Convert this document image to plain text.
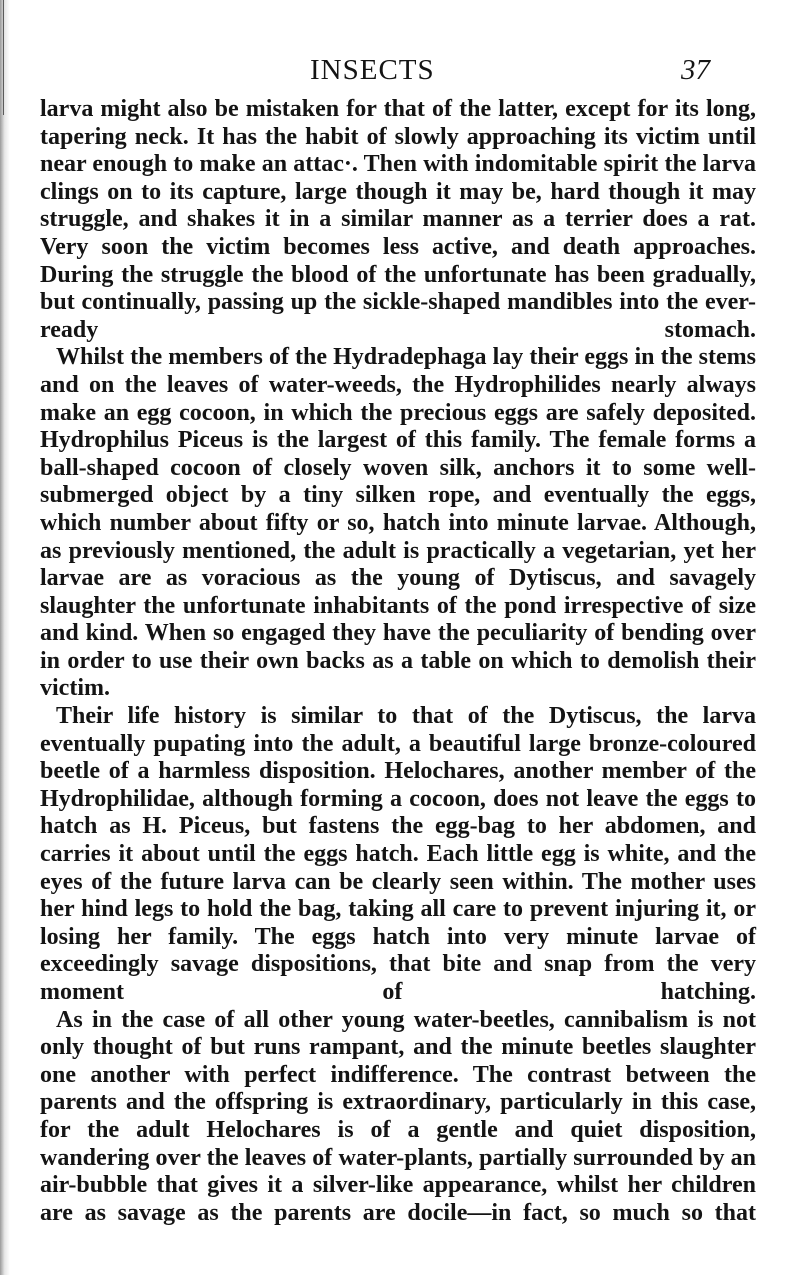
INSECTS	37

larva might also be mistaken for that of the latter, except for its long, tapering neck. It has the habit of slowly approaching its victim until near enough to make an attac·. Then with indomitable spirit the larva clings on to its capture, large though it may be, hard though it may struggle, and shakes it in a similar manner as a terrier does a rat. Very soon the victim becomes less active, and death approaches. During the struggle the blood of the unfortunate has been gradually, but continually, passing up the sickle-shaped mandibles into the ever-ready stomach.

Whilst the members of the Hydradephaga lay their eggs in the stems and on the leaves of water-weeds, the Hydrophilides nearly always make an egg cocoon, in which the precious eggs are safely deposited. Hydrophilus Piceus is the largest of this family. The female forms a ball-shaped cocoon of closely woven silk, anchors it to some well-submerged object by a tiny silken rope, and eventually the eggs, which number about fifty or so, hatch into minute larvae. Although, as previously mentioned, the adult is practically a vegetarian, yet her larvae are as voracious as the young of Dytiscus, and savagely slaughter the unfortunate inhabitants of the pond irrespective of size and kind. When so engaged they have the peculiarity of bending over in order to use their own backs as a table on which to demolish their victim.

Their life history is similar to that of the Dytiscus, the larva eventually pupating into the adult, a beautiful large bronze-coloured beetle of a harmless disposition. Helochares, another member of the Hydrophilidae, although forming a cocoon, does not leave the eggs to hatch as H. Piceus, but fastens the egg-bag to her abdomen, and carries it about until the eggs hatch. Each little egg is white, and the eyes of the future larva can be clearly seen within. The mother uses her hind legs to hold the bag, taking all care to prevent injuring it, or losing her family. The eggs hatch into very minute larvae of exceedingly savage dispositions, that bite and snap from the very moment of hatching.

As in the case of all other young water-beetles, cannibalism is not only thought of but runs rampant, and the minute beetles slaughter one another with perfect indifference. The contrast between the parents and the offspring is extraordinary, particularly in this case, for the adult Helochares is of a gentle and quiet disposition, wandering over the leaves of water-plants, partially surrounded by an air-bubble that gives it a silver-like appearance, whilst her children are as savage as the parents are docile—in fact, so much so that
